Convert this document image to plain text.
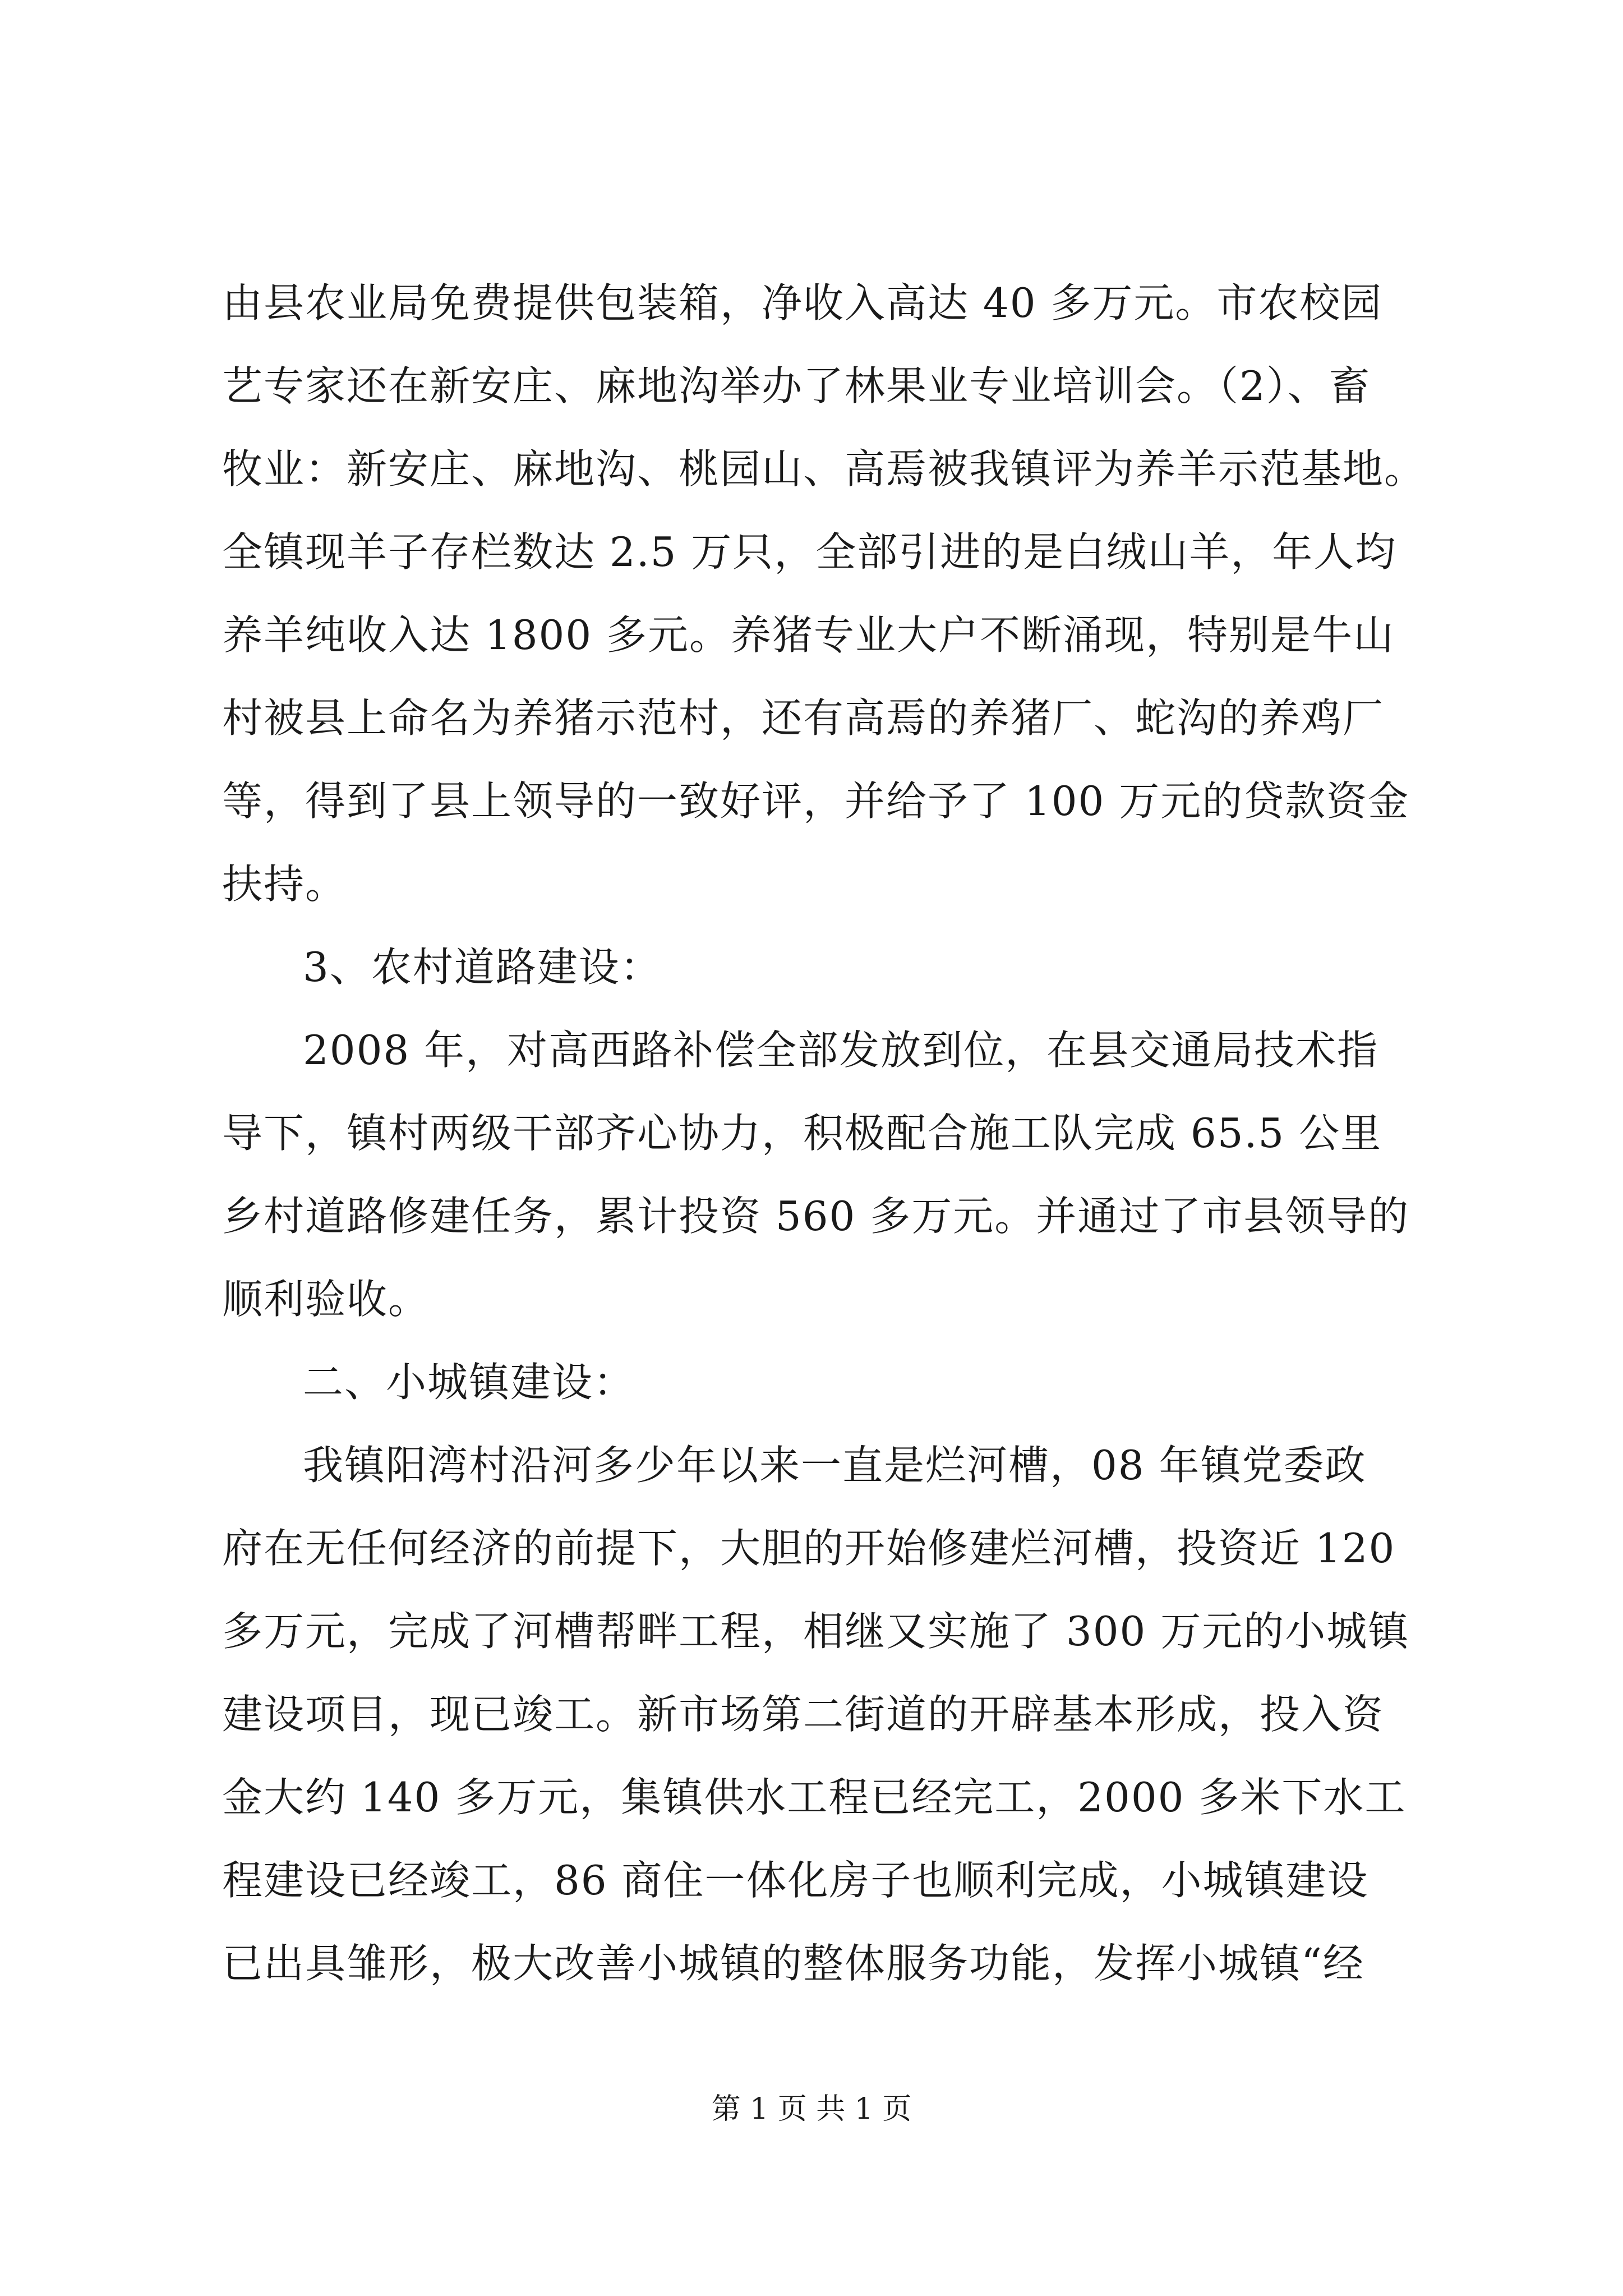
由县农业局免费提供包装箱，净收入高达 40 多万元。市农校园
艺专家还在新安庄、麻地沟举办了林果业专业培训会。（2）、畜
牧业：新安庄、麻地沟、桃园山、高焉被我镇评为养羊示范基地。
全镇现羊子存栏数达 2.5 万只，全部引进的是白绒山羊，年人均
养羊纯收入达 1800 多元。养猪专业大户不断涌现，特别是牛山
村被县上命名为养猪示范村，还有高焉的养猪厂、蛇沟的养鸡厂
等，得到了县上领导的一致好评，并给予了 100 万元的贷款资金
扶持。
3、农村道路建设：
2008 年，对高西路补偿全部发放到位，在县交通局技术指
导下，镇村两级干部齐心协力，积极配合施工队完成 65.5 公里
乡村道路修建任务，累计投资 560 多万元。并通过了市县领导的
顺利验收。
二、小城镇建设：
我镇阳湾村沿河多少年以来一直是烂河槽，08 年镇党委政
府在无任何经济的前提下，大胆的开始修建烂河槽，投资近 120
多万元，完成了河槽帮畔工程，相继又实施了 300 万元的小城镇
建设项目，现已竣工。新市场第二街道的开辟基本形成，投入资
金大约 140 多万元，集镇供水工程已经完工，2000 多米下水工
程建设已经竣工，86 商住一体化房子也顺利完成，小城镇建设
已出具雏形，极大改善小城镇的整体服务功能，发挥小城镇“经
第 1 页 共 1 页
